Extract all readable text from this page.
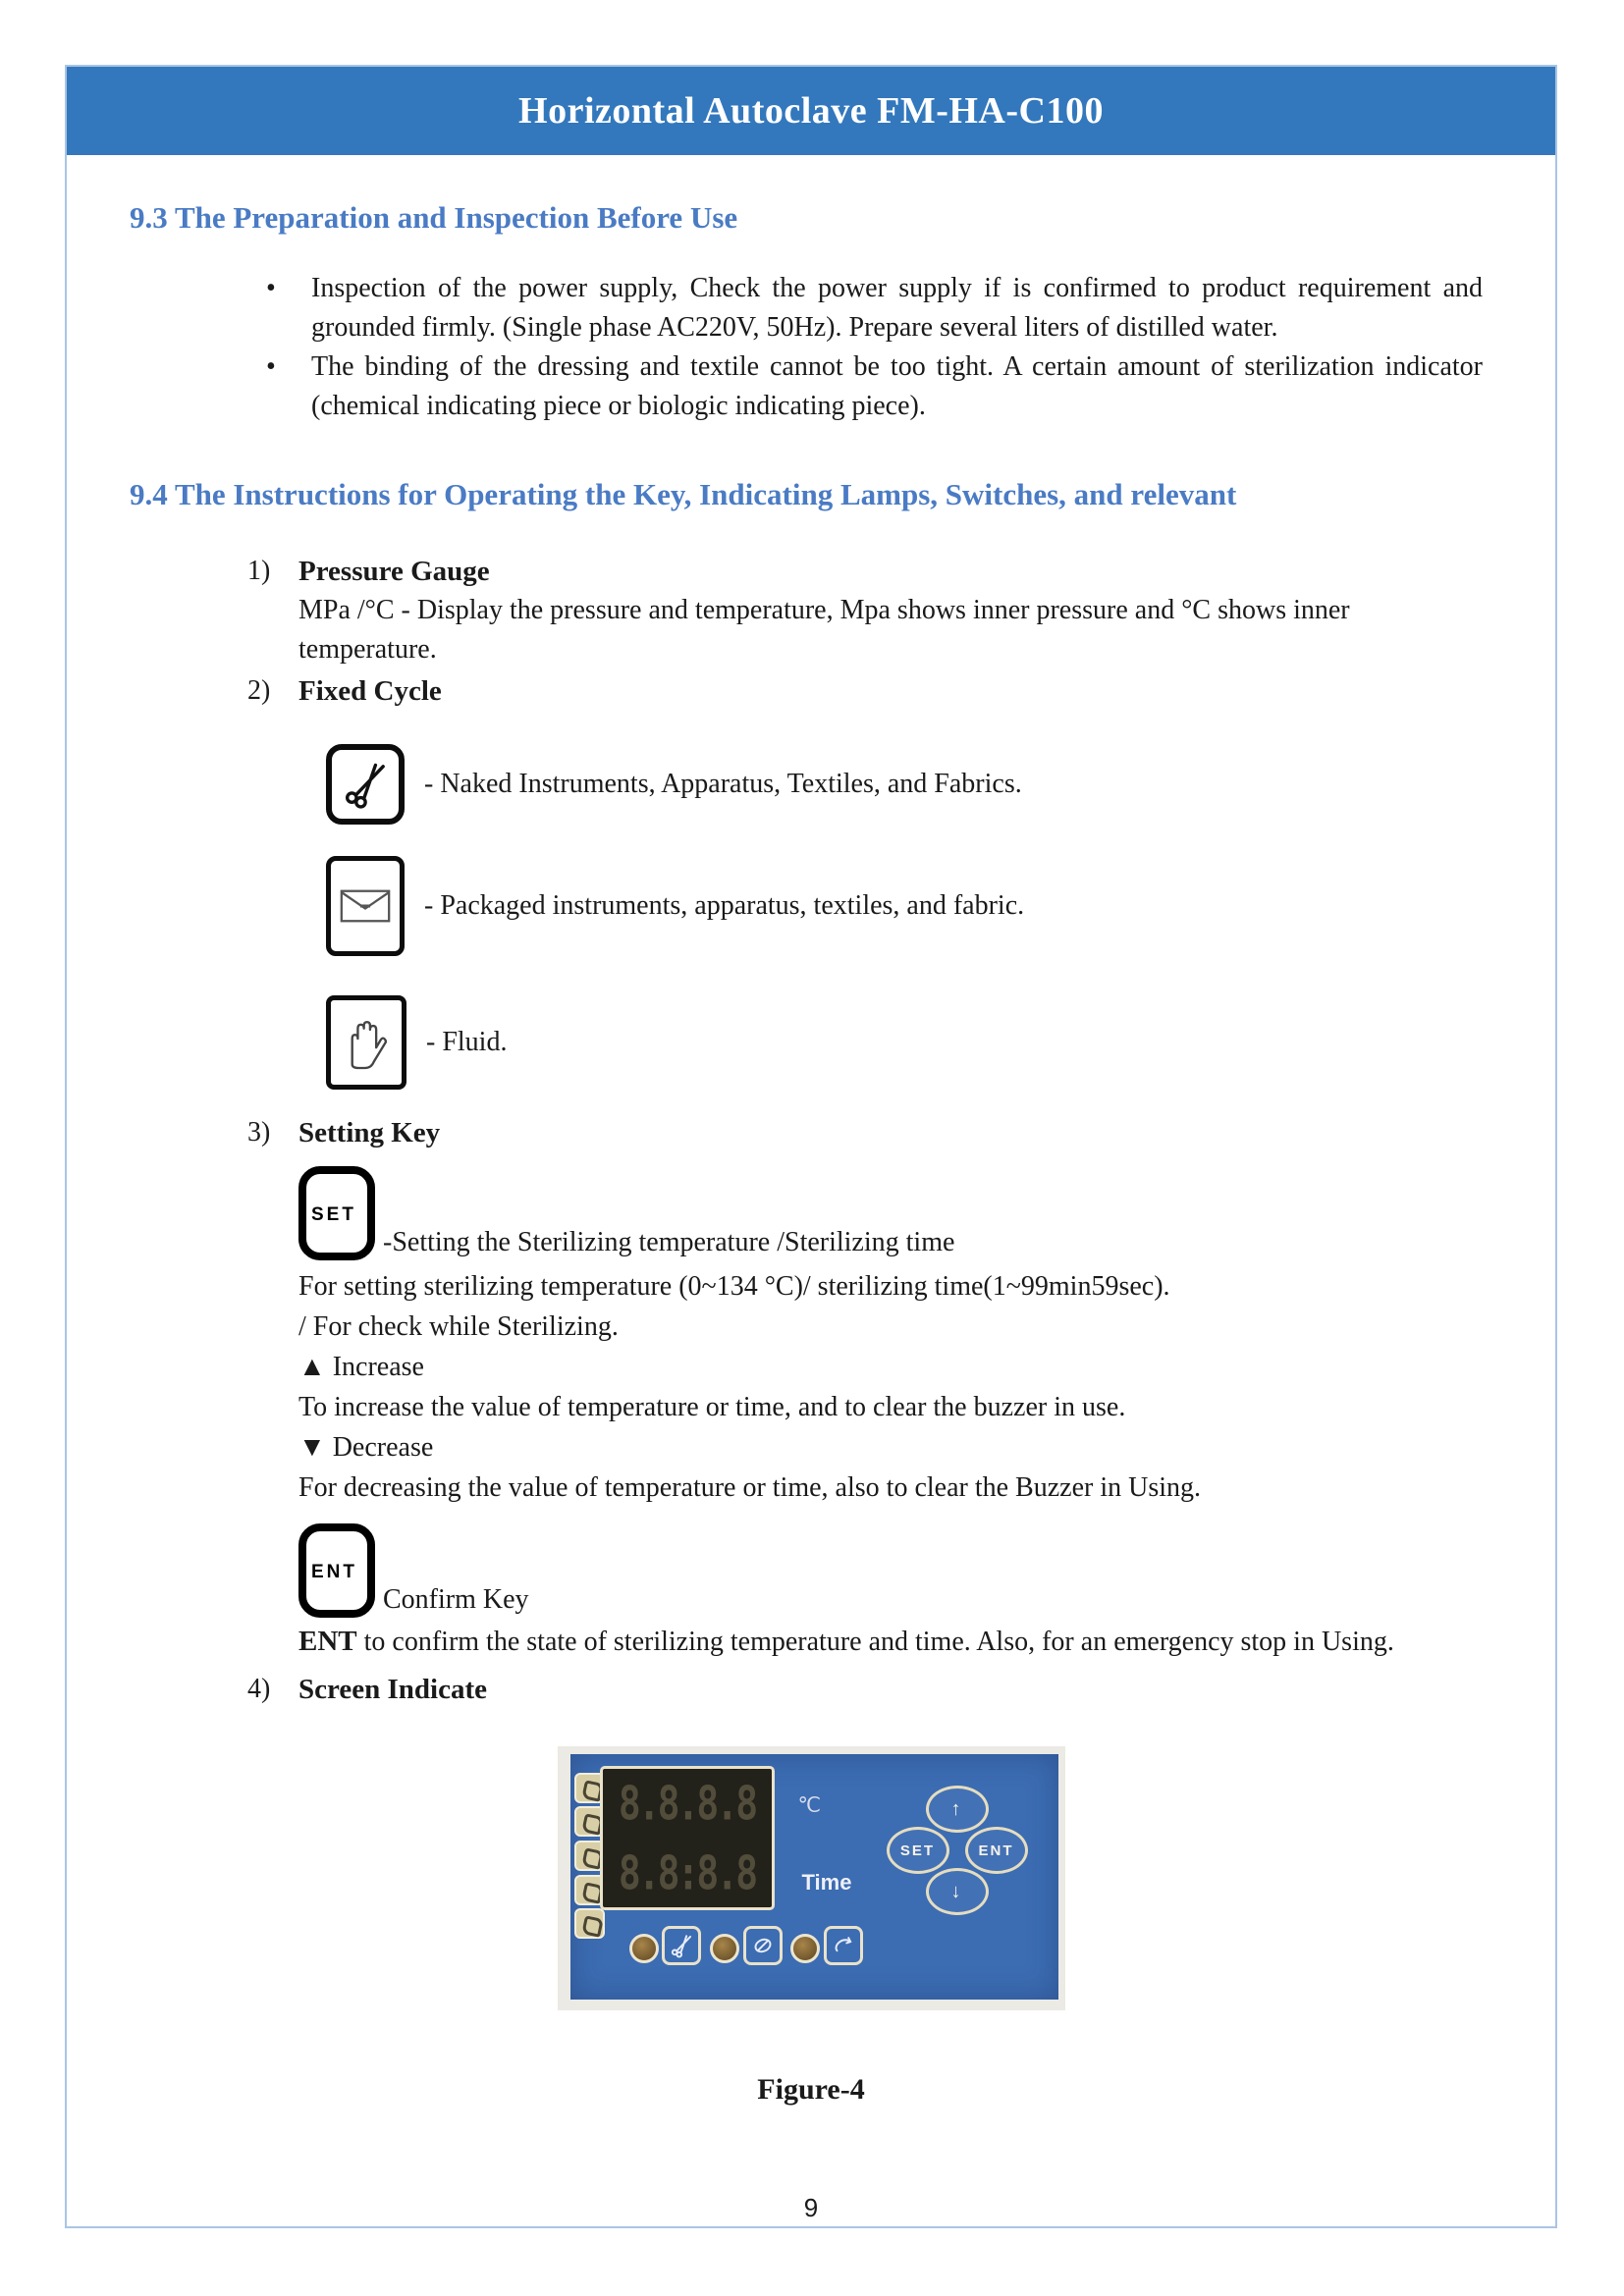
Horizontal Autoclave FM-HA-C100

9.3 The Preparation and Inspection Before Use

• Inspection of the power supply, Check the power supply if is confirmed to product requirement and grounded firmly. (Single phase AC220V, 50Hz). Prepare several liters of distilled water.
• The binding of the dressing and textile cannot be too tight. A certain amount of sterilization indicator (chemical indicating piece or biologic indicating piece).

9.4 The Instructions for Operating the Key, Indicating Lamps, Switches, and relevant

1) Pressure Gauge
MPa /°C - Display the pressure and temperature, Mpa shows inner pressure and °C shows inner temperature.
2) Fixed Cycle
- Naked Instruments, Apparatus, Textiles, and Fabrics.
- Packaged instruments, apparatus, textiles, and fabric.
- Fluid.
3) Setting Key
SET
-Setting the Sterilizing temperature /Sterilizing time

For setting sterilizing temperature (0~134 °C)/ sterilizing time(1~99min59sec).

/ For check while Sterilizing.

▲ Increase

To increase the value of temperature or time, and to clear the buzzer in use.

▼ Decrease

For decreasing the value of temperature or time, also to clear the Buzzer in Using.

ENT
Confirm Key

ENT to confirm the state of sterilizing temperature and time. Also, for an emergency stop in Using.

4) Screen Indicate
8.8.8.8
8.8:8.8
℃
Time
↑
SET	ENT
↓
Figure-4
9
